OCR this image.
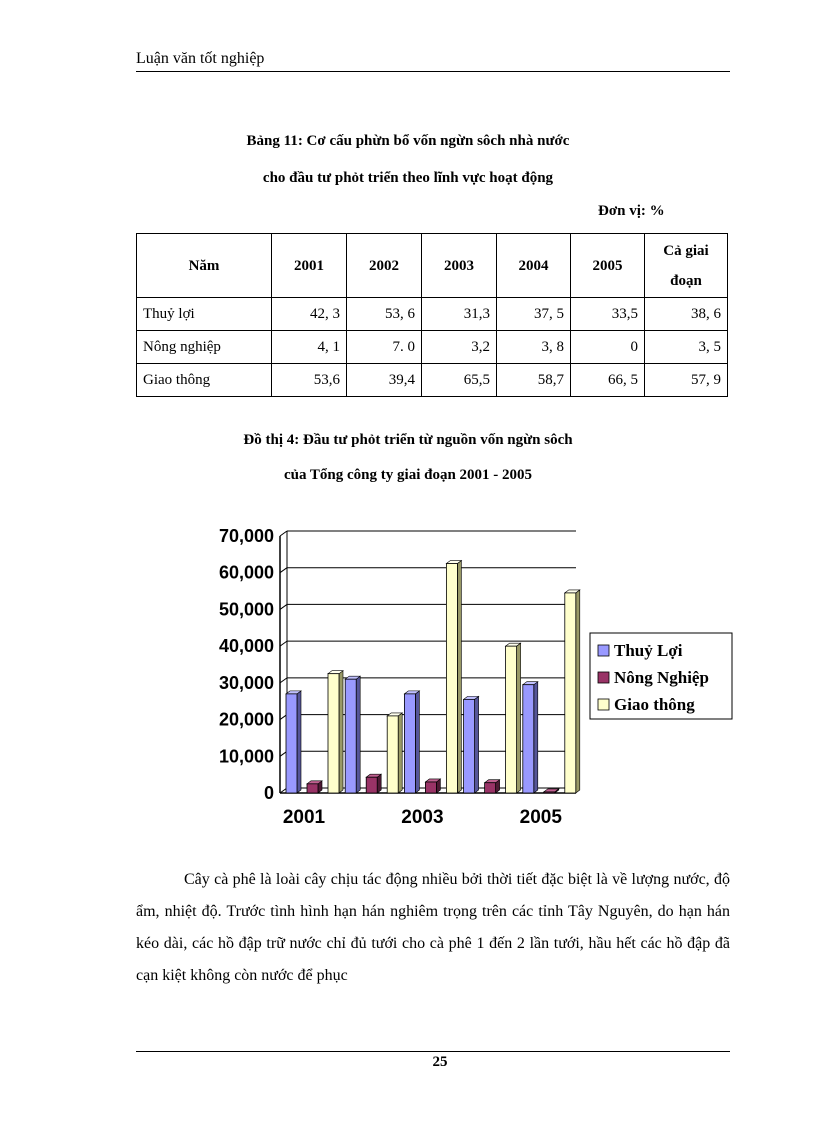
Luận văn tốt nghiệp
Bảng 11: Cơ cấu phừn bổ vốn ngừn sôch nhà nước
cho đầu tư phỏt triển theo lĩnh vực hoạt động
Đơn vị: %
Năm	2001	2002	2003	2004	2005	Cả giai đoạn
Thuỷ lợi	42, 3	53, 6	31,3	37, 5	33,5	38, 6
Nông nghiệp	4, 1	7. 0	3,2	3, 8	0	3, 5
Giao thông	53,6	39,4	65,5	58,7	66, 5	57, 9
Đồ thị 4: Đầu tư phỏt triển từ nguồn vốn ngừn sôch
của Tổng công ty giai đoạn 2001 - 2005
0
10,000
20,000
30,000
40,000
50,000
60,000
70,000
2001	2003	2005
Thuỷ Lợi
Nông Nghiệp
Giao thông
Cây cà phê là loài cây chịu tác động nhiều bởi thời tiết đặc biệt là về lượng nước, độ ẩm, nhiệt độ. Trước tình hình hạn hán nghiêm trọng trên các tỉnh Tây Nguyên, do hạn hán kéo dài, các hồ đập trữ nước chỉ đủ tưới cho cà phê 1 đến 2 lần tưới, hầu hết các hồ đập đã cạn kiệt không còn nước để phục
25
